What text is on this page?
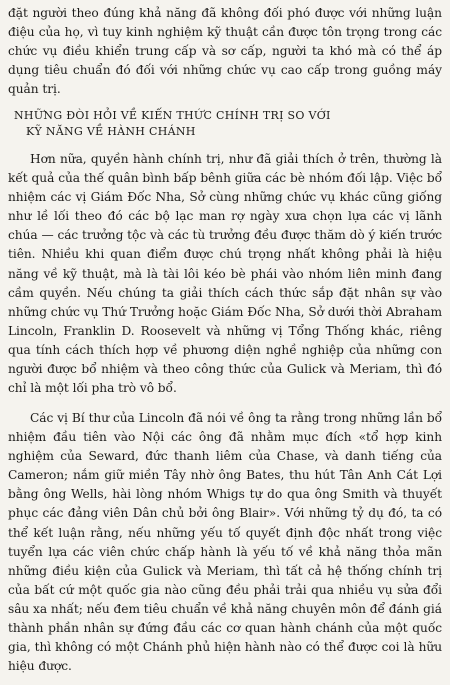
đặt người theo đúng khả năng đã không đối phó được với những luận điệu của họ, vì tuy kinh nghiệm kỹ thuật cần được tôn trọng trong các chức vụ điều khiển trung cấp và sơ cấp, người ta khó mà có thể áp dụng tiêu chuẩn đó đối với những chức vụ cao cấp trong guồng máy quản trị.

NHỮNG ĐÒI HỎI VỀ KIẾN THỨC CHÍNH TRỊ SO VỚI
KỸ NĂNG VỀ HÀNH CHÁNH

Hơn nữa, quyền hành chính trị, như đã giải thích ở trên, thường là kết quả của thế quân bình bấp bênh giữa các bè nhóm đối lập. Việc bổ nhiệm các vị Giám Đốc Nha, Sở cùng những chức vụ khác cũng giống như lề lối theo đó các bộ lạc man rợ ngày xưa chọn lựa các vị lãnh chúa — các trưởng tộc và các tù trưởng đều được thăm dò ý kiến trước tiên. Nhiều khi quan điểm được chú trọng nhất không phải là hiệu năng về kỹ thuật, mà là tài lôi kéo bè phái vào nhóm liên minh đang cầm quyền. Nếu chúng ta giải thích cách thức sắp đặt nhân sự vào những chức vụ Thứ Trưởng hoặc Giám Đốc Nha, Sở dưới thời Abraham Lincoln, Franklin D. Roosevelt và những vị Tổng Thống khác, riêng qua tính cách thích hợp về phương diện nghề nghiệp của những con người được bổ nhiệm và theo công thức của Gulick và Meriam, thì đó chỉ là một lối pha trò vô bổ.

Các vị Bí thư của Lincoln đã nói về ông ta rằng trong những lần bổ nhiệm đầu tiên vào Nội các ông đã nhằm mục đích «tổ hợp kinh nghiệm của Seward, đức thanh liêm của Chase, và danh tiếng của Cameron; nắm giữ miền Tây nhờ ông Bates, thu hút Tân Anh Cát Lợi bằng ông Wells, hài lòng nhóm Whigs tự do qua ông Smith và thuyết phục các đảng viên Dân chủ bởi ông Blair». Với những tỷ dụ đó, ta có thể kết luận rằng, nếu những yếu tố quyết định độc nhất trong việc tuyển lựa các viên chức chấp hành là yếu tố về khả năng thỏa mãn những điều kiện của Gulick và Meriam, thì tất cả hệ thống chính trị của bất cứ một quốc gia nào cũng đều phải trải qua nhiều vụ sửa đổi sâu xa nhất; nếu đem tiêu chuẩn về khả năng chuyên môn để đánh giá thành phần nhân sự đứng đầu các cơ quan hành chánh của một quốc gia, thì không có một Chánh phủ hiện hành nào có thể được coi là hữu hiệu được.
